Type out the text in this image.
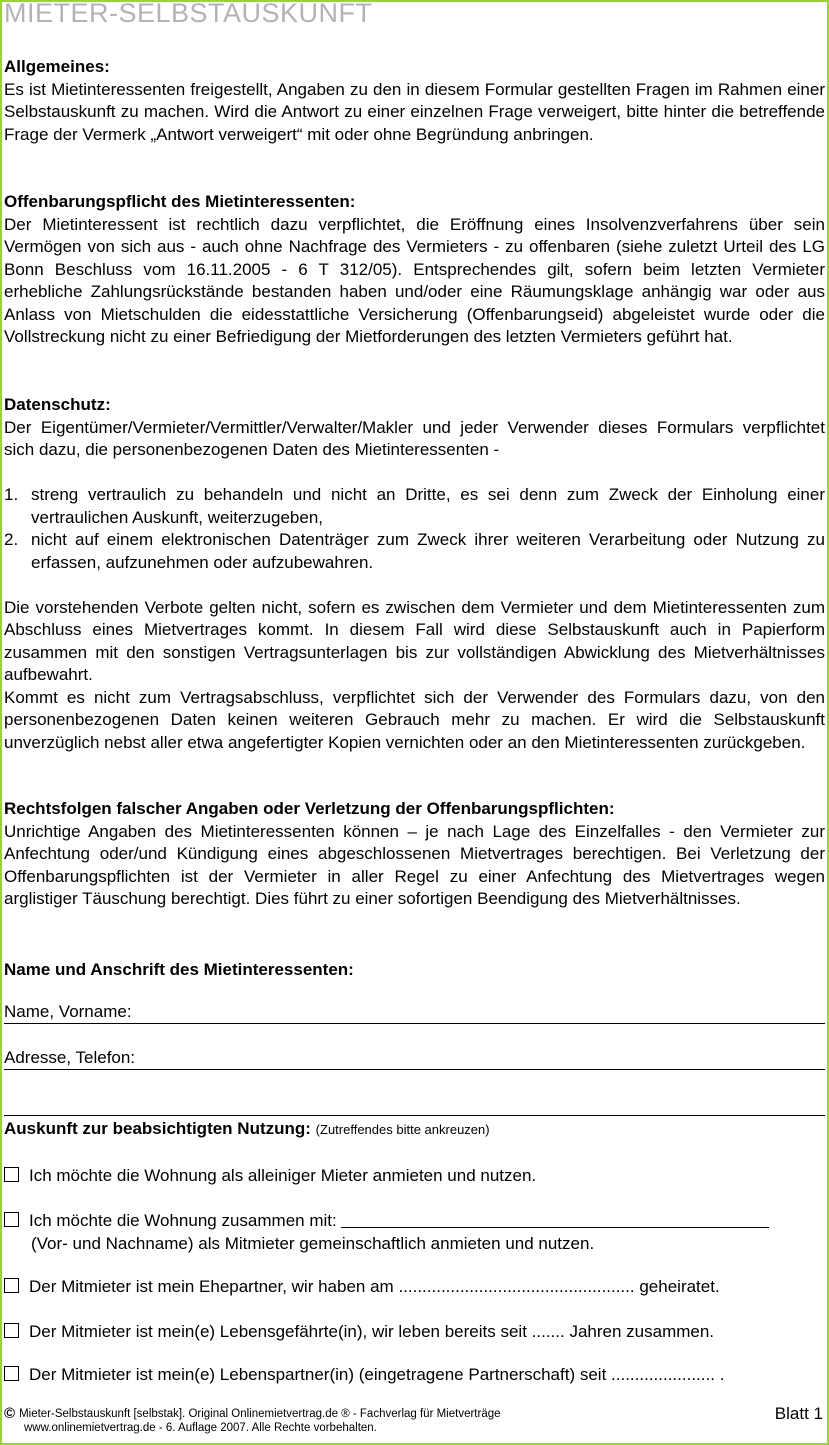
MIETER-SELBSTAUSKUNFT
Allgemeines:

Es ist Mietinteressenten freigestellt, Angaben zu den in diesem Formular gestellten Fragen im Rahmen einer Selbstauskunft zu machen. Wird die Antwort zu einer einzelnen Frage verweigert, bitte hinter die betreffende Frage der Vermerk „Antwort verweigert“ mit oder ohne Begründung anbringen.

Offenbarungspflicht des Mietinteressenten:

Der Mietinteressent ist rechtlich dazu verpflichtet, die Eröffnung eines Insolvenzverfahrens über sein Vermögen von sich aus - auch ohne Nachfrage des Vermieters - zu offenbaren (siehe zuletzt Urteil des LG Bonn Beschluss vom 16.11.2005 - 6 T 312/05). Entsprechendes gilt, sofern beim letzten Vermieter erhebliche Zahlungsrückstände bestanden haben und/oder eine Räumungsklage anhängig war oder aus Anlass von Mietschulden die eidesstattliche Versicherung (Offenbarungseid) abgeleistet wurde oder die Vollstreckung nicht zu einer Befriedigung der Mietforderungen des letzten Vermieters geführt hat.

Datenschutz:

Der Eigentümer/Vermieter/Vermittler/Verwalter/Makler und jeder Verwender dieses Formulars verpflichtet sich dazu, die personenbezogenen Daten des Mietinteressenten -

1. streng vertraulich zu behandeln und nicht an Dritte, es sei denn zum Zweck der Einholung einer vertraulichen Auskunft, weiterzugeben,
2. nicht auf einem elektronischen Datenträger zum Zweck ihrer weiteren Verarbeitung oder Nutzung zu erfassen, aufzunehmen oder aufzubewahren.

Die vorstehenden Verbote gelten nicht, sofern es zwischen dem Vermieter und dem Mietinteressenten zum Abschluss eines Mietvertrages kommt. In diesem Fall wird diese Selbstauskunft auch in Papierform zusammen mit den sonstigen Vertragsunterlagen bis zur vollständigen Abwicklung des Mietverhältnisses aufbewahrt.

Kommt es nicht zum Vertragsabschluss, verpflichtet sich der Verwender des Formulars dazu, von den personenbezogenen Daten keinen weiteren Gebrauch mehr zu machen. Er wird die Selbstauskunft unverzüglich nebst aller etwa angefertigter Kopien vernichten oder an den Mietinteressenten zurückgeben.

Rechtsfolgen falscher Angaben oder Verletzung der Offenbarungspflichten:

Unrichtige Angaben des Mietinteressenten können – je nach Lage des Einzelfalles - den Vermieter zur Anfechtung oder/und Kündigung eines abgeschlossenen Mietvertrages berechtigen. Bei Verletzung der Offenbarungspflichten ist der Vermieter in aller Regel zu einer Anfechtung des Mietvertrages wegen arglistiger Täuschung berechtigt. Dies führt zu einer sofortigen Beendigung des Mietverhältnisses.

Name und Anschrift des Mietinteressenten:
Name, Vorname:
Adresse, Telefon:
Auskunft zur beabsichtigten Nutzung: (Zutreffendes bitte ankreuzen)
Ich möchte die Wohnung als alleiniger Mieter anmieten und nutzen.
Ich möchte die Wohnung zusammen mit:
(Vor- und Nachname) als Mitmieter gemeinschaftlich anmieten und nutzen.
Der Mitmieter ist mein Ehepartner, wir haben am .................................................. geheiratet.
Der Mitmieter ist mein(e) Lebensgefährte(in), wir leben bereits seit ....... Jahren zusammen.
Der Mitmieter ist mein(e) Lebenspartner(in) (eingetragene Partnerschaft) seit ...................... .
© Mieter-Selbstauskunft [selbstak]. Original Onlinemietvertrag.de ® - Fachverlag für Mietverträge
www.onlinemietvertrag.de - 6. Auflage 2007. Alle Rechte vorbehalten.
Blatt 1
